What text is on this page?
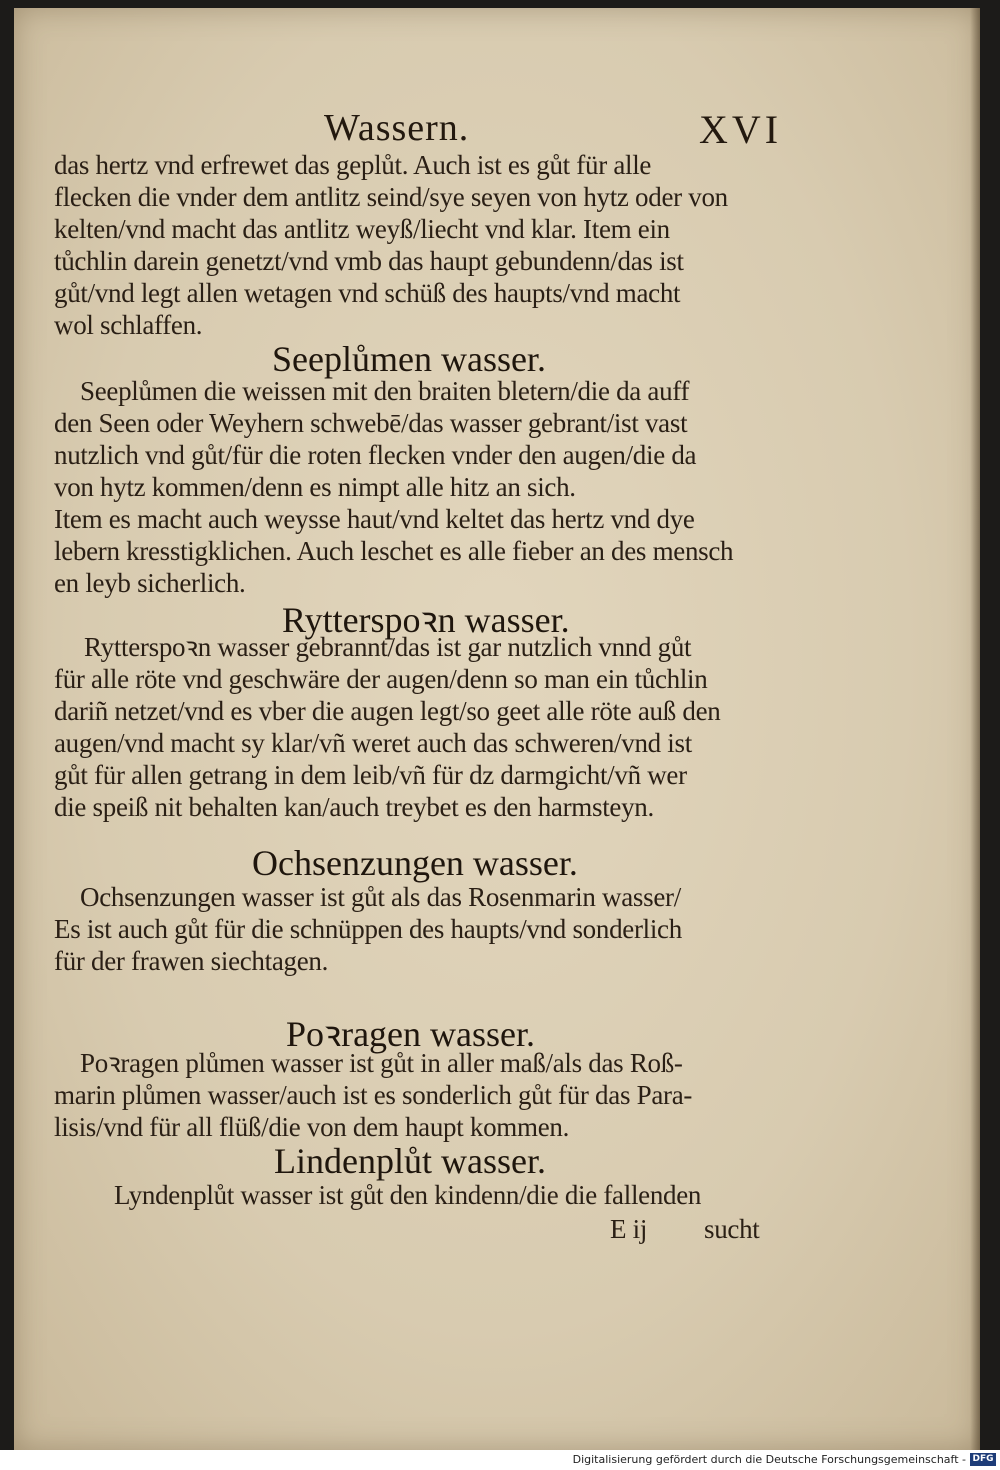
Wassern.	XVI
das hertz vnd erfrewet das geplůt. Auch ist es gůt für alle
flecken die vnder dem antlitz seind/sye seyen von hytz oder von
kelten/vnd macht das antlitz weyß/liecht vnd klar. Item ein
tůchlin darein genetzt/vnd vmb das haupt gebundenn/das ist
gůt/vnd legt allen wetagen vnd schüß des haupts/vnd macht
wol schlaffen.
Seeplůmen wasser.
Seeplůmen die weissen mit den braiten bletern/die da auff
den Seen oder Weyhern schwebē/das wasser gebrant/ist vast
nutzlich vnd gůt/für die roten flecken vnder den augen/die da
von hytz kommen/denn es nimpt alle hitz an sich.
Item es macht auch weysse haut/vnd keltet das hertz vnd dye
lebern kresstigklichen. Auch leschet es alle fieber an des mensch
en leyb sicherlich.
Rytterspoꝛn wasser.
Rytterspoꝛn wasser gebrannt/das ist gar nutzlich vnnd gůt
für alle röte vnd geschwäre der augen/denn so man ein tůchlin
dariñ netzet/vnd es vber die augen legt/so geet alle röte auß den
augen/vnd macht sy klar/vñ weret auch das schweren/vnd ist
gůt für allen getrang in dem leib/vñ für dz darmgicht/vñ wer
die speiß nit behalten kan/auch treybet es den harmsteyn.
Ochsenzungen wasser.
Ochsenzungen wasser ist gůt als das Rosenmarin wasser/
Es ist auch gůt für die schnüppen des haupts/vnd sonderlich
für der frawen siechtagen.
Poꝛragen wasser.
Poꝛragen plůmen wasser ist gůt in aller maß/als das Roß-
marin plůmen wasser/auch ist es sonderlich gůt für das Para-
lisis/vnd für all flüß/die von dem haupt kommen.
Lindenplůt wasser.
Lyndenplůt wasser ist gůt den kindenn/die die fallenden
E ij sucht
Digitalisierung gefördert durch die Deutsche Forschungsgemeinschaft - DFG
